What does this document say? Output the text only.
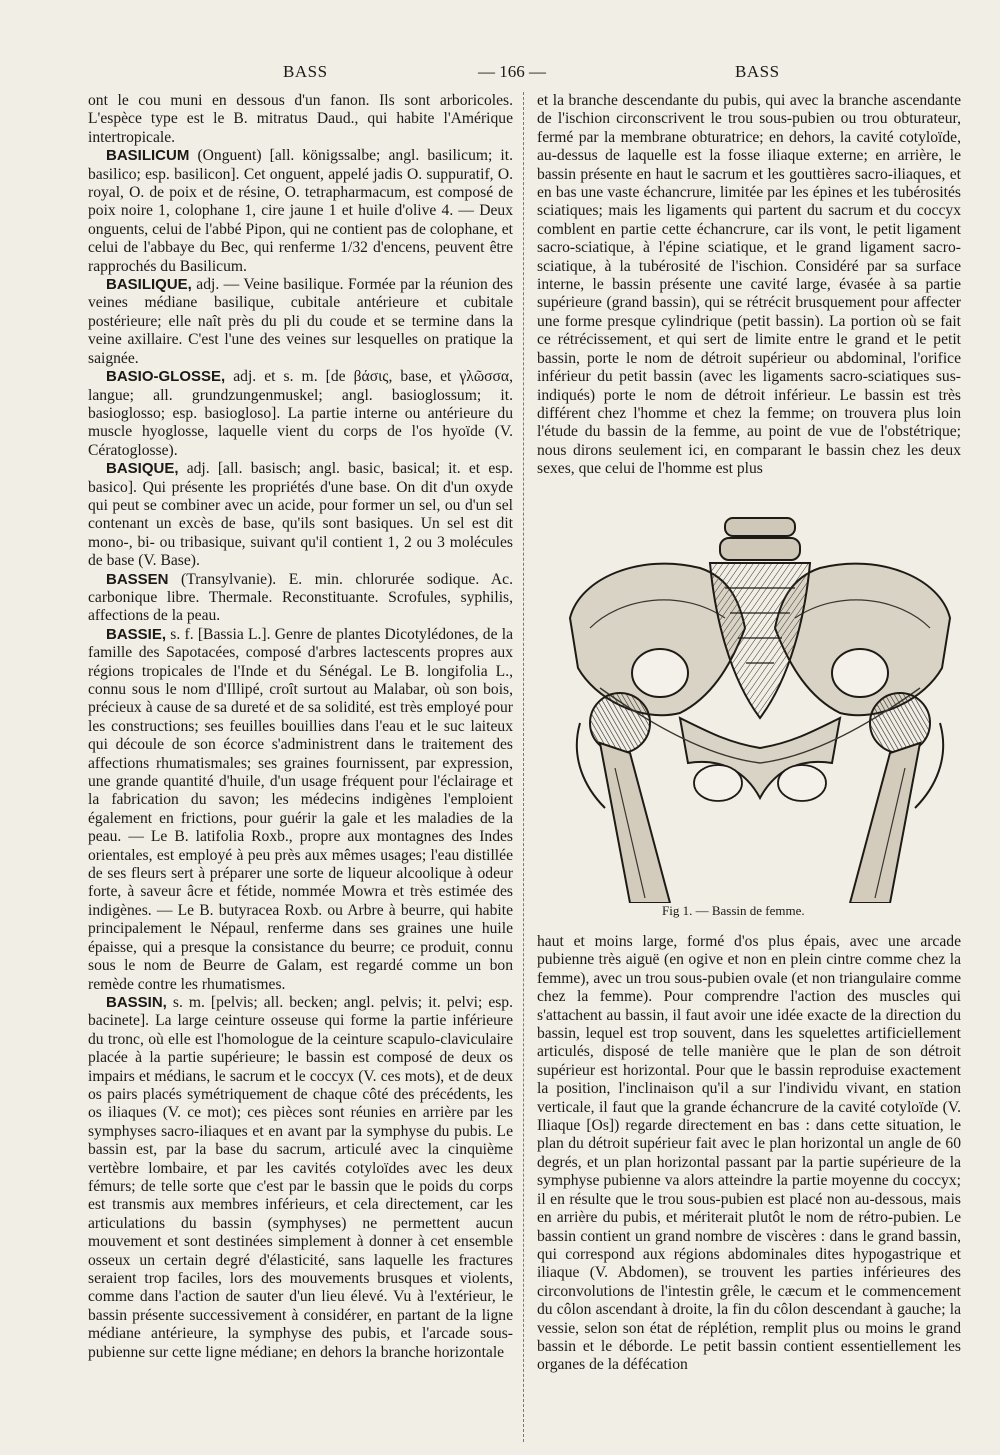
BASS	— 166 —	BASS

ont le cou muni en dessous d'un fanon. Ils sont arboricoles. L'espèce type est le B. mitratus Daud., qui habite l'Amérique intertropicale.

BASILICUM (Onguent) [all. königssalbe; angl. basilicum; it. basilico; esp. basilicon]. Cet onguent, appelé jadis O. suppuratif, O. royal, O. de poix et de résine, O. tetrapharmacum, est composé de poix noire 1, colophane 1, cire jaune 1 et huile d'olive 4. — Deux onguents, celui de l'abbé Pipon, qui ne contient pas de colophane, et celui de l'abbaye du Bec, qui renferme 1/32 d'encens, peuvent être rapprochés du Basilicum.

BASILIQUE, adj. — Veine basilique. Formée par la réunion des veines médiane basilique, cubitale antérieure et cubitale postérieure; elle naît près du pli du coude et se termine dans la veine axillaire. C'est l'une des veines sur lesquelles on pratique la saignée.

BASIO-GLOSSE, adj. et s. m. [de βάσις, base, et γλῶσσα, langue; all. grundzungenmuskel; angl. basioglossum; it. basioglosso; esp. basiogloso]. La partie interne ou antérieure du muscle hyoglosse, laquelle vient du corps de l'os hyoïde (V. Cératoglosse).

BASIQUE, adj. [all. basisch; angl. basic, basical; it. et esp. basico]. Qui présente les propriétés d'une base. On dit d'un oxyde qui peut se combiner avec un acide, pour former un sel, ou d'un sel contenant un excès de base, qu'ils sont basiques. Un sel est dit mono-, bi- ou tribasique, suivant qu'il contient 1, 2 ou 3 molécules de base (V. Base).

BASSEN (Transylvanie). E. min. chlorurée sodique. Ac. carbonique libre. Thermale. Reconstituante. Scrofules, syphilis, affections de la peau.

BASSIE, s. f. [Bassia L.]. Genre de plantes Dicotylédones, de la famille des Sapotacées, composé d'arbres lactescents propres aux régions tropicales de l'Inde et du Sénégal. Le B. longifolia L., connu sous le nom d'Illipé, croît surtout au Malabar, où son bois, précieux à cause de sa dureté et de sa solidité, est très employé pour les constructions; ses feuilles bouillies dans l'eau et le suc laiteux qui découle de son écorce s'administrent dans le traitement des affections rhumatismales; ses graines fournissent, par expression, une grande quantité d'huile, d'un usage fréquent pour l'éclairage et la fabrication du savon; les médecins indigènes l'emploient également en frictions, pour guérir la gale et les maladies de la peau. — Le B. latifolia Roxb., propre aux montagnes des Indes orientales, est employé à peu près aux mêmes usages; l'eau distillée de ses fleurs sert à préparer une sorte de liqueur alcoolique à odeur forte, à saveur âcre et fétide, nommée Mowra et très estimée des indigènes. — Le B. butyracea Roxb. ou Arbre à beurre, qui habite principalement le Népaul, renferme dans ses graines une huile épaisse, qui a presque la consistance du beurre; ce produit, connu sous le nom de Beurre de Galam, est regardé comme un bon remède contre les rhumatismes.

BASSIN, s. m. [pelvis; all. becken; angl. pelvis; it. pelvi; esp. bacinete]. La large ceinture osseuse qui forme la partie inférieure du tronc, où elle est l'homologue de la ceinture scapulo-claviculaire placée à la partie supérieure; le bassin est composé de deux os impairs et médians, le sacrum et le coccyx (V. ces mots), et de deux os pairs placés symétriquement de chaque côté des précédents, les os iliaques (V. ce mot); ces pièces sont réunies en arrière par les symphyses sacro-iliaques et en avant par la symphyse du pubis. Le bassin est, par la base du sacrum, articulé avec la cinquième vertèbre lombaire, et par les cavités cotyloïdes avec les deux fémurs; de telle sorte que c'est par le bassin que le poids du corps est transmis aux membres inférieurs, et cela directement, car les articulations du bassin (symphyses) ne permettent aucun mouvement et sont destinées simplement à donner à cet ensemble osseux un certain degré d'élasticité, sans laquelle les fractures seraient trop faciles, lors des mouvements brusques et violents, comme dans l'action de sauter d'un lieu élevé. Vu à l'extérieur, le bassin présente successivement à considérer, en partant de la ligne médiane antérieure, la symphyse des pubis, et l'arcade sous-pubienne sur cette ligne médiane; en dehors la branche horizontale

et la branche descendante du pubis, qui avec la branche ascendante de l'ischion circonscrivent le trou sous-pubien ou trou obturateur, fermé par la membrane obturatrice; en dehors, la cavité cotyloïde, au-dessus de laquelle est la fosse iliaque externe; en arrière, le bassin présente en haut le sacrum et les gouttières sacro-iliaques, et en bas une vaste échancrure, limitée par les épines et les tubérosités sciatiques; mais les ligaments qui partent du sacrum et du coccyx comblent en partie cette échancrure, car ils vont, le petit ligament sacro-sciatique, à l'épine sciatique, et le grand ligament sacro-sciatique, à la tubérosité de l'ischion. Considéré par sa surface interne, le bassin présente une cavité large, évasée à sa partie supérieure (grand bassin), qui se rétrécit brusquement pour affecter une forme presque cylindrique (petit bassin). La portion où se fait ce rétrécissement, et qui sert de limite entre le grand et le petit bassin, porte le nom de détroit supérieur ou abdominal, l'orifice inférieur du petit bassin (avec les ligaments sacro-sciatiques sus-indiqués) porte le nom de détroit inférieur. Le bassin est très différent chez l'homme et chez la femme; on trouvera plus loin l'étude du bassin de la femme, au point de vue de l'obstétrique; nous dirons seulement ici, en comparant le bassin chez les deux sexes, que celui de l'homme est plus

Fig 1. — Bassin de femme.

haut et moins large, formé d'os plus épais, avec une arcade pubienne très aiguë (en ogive et non en plein cintre comme chez la femme), avec un trou sous-pubien ovale (et non triangulaire comme chez la femme). Pour comprendre l'action des muscles qui s'attachent au bassin, il faut avoir une idée exacte de la direction du bassin, lequel est trop souvent, dans les squelettes artificiellement articulés, disposé de telle manière que le plan de son détroit supérieur est horizontal. Pour que le bassin reproduise exactement la position, l'inclinaison qu'il a sur l'individu vivant, en station verticale, il faut que la grande échancrure de la cavité cotyloïde (V. Iliaque [Os]) regarde directement en bas : dans cette situation, le plan du détroit supérieur fait avec le plan horizontal un angle de 60 degrés, et un plan horizontal passant par la partie supérieure de la symphyse pubienne va alors atteindre la partie moyenne du coccyx; il en résulte que le trou sous-pubien est placé non au-dessous, mais en arrière du pubis, et mériterait plutôt le nom de rétro-pubien. Le bassin contient un grand nombre de viscères : dans le grand bassin, qui correspond aux régions abdominales dites hypogastrique et iliaque (V. Abdomen), se trouvent les parties inférieures des circonvolutions de l'intestin grêle, le cæcum et le commencement du côlon ascendant à droite, la fin du côlon descendant à gauche; la vessie, selon son état de réplétion, remplit plus ou moins le grand bassin et le déborde. Le petit bassin contient essentiellement les organes de la défécation
